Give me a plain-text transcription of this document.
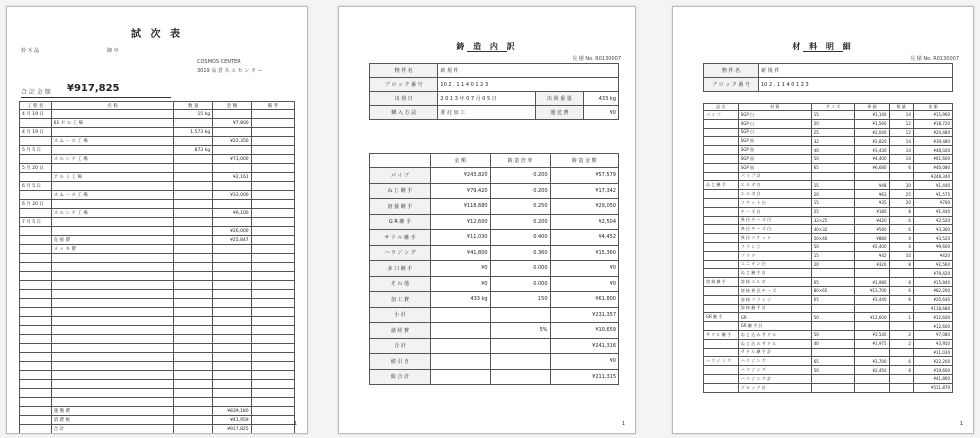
試 次 表
鈴 木 晶	御 中
COSMOS CENTER
3019 高 倉 木 エ セ ン タ ー
合 計 金 額 ¥917,825
工 程 名	名 称	数 量	金 額	備 考
4 月 19 日		15 kg		
	61 セ ル 工 場		¥7,800	
4 月 19 日		1.573 kg		
	ス ム ー ス 工 場		¥22,350	
5 月 5 日		873 kg		
	ス ル ン ナ 工 場		¥73,000	
5 月 20 日				
	ア ル ミ 工 場		¥2,161	
6 月 5 日				
	ス ム ー ス 工 場		¥33,000	
6 月 20 日				
	ス ル ン ナ 工 場		¥6,100	
7 月 5 日				
			¥26,000	
	直 接 費		¥25,847	
	メ ッ キ 費			

	運 搬 費		¥839,180	
	消 費 税		¥41,959	
	合 計		¥917,825	
1
鋳 造 内 訳
見 積 No. R0130007
物 件 名	新 規 件		
ブ ロ ッ ク 番 号	10 2 . 1 1 4 0 1 2 3		
出 荷 日	2 0 1 3 年 0 7 月 0 5 日	出 荷 重 量	433 kg
購 入 方 法	委 託 加 工	運 送 費	¥0
	金 額	鋳 造 倍 率	鋳 造 金 額
パ イ プ	¥243,820	0.200	¥57,579
ね じ 継 手	¥79,420	0.200	¥17,342
溶 接 継 手	¥118,680	0.250	¥29,050
G R 継 手	¥12,600	0.200	¥2,504
サ ド ル 継 手	¥11,030	0.400	¥4,452
ハ ウ ジ ン グ	¥41,800	0.360	¥15,360
多 口 継 手	¥0	0.000	¥0
そ の 他	¥0	0.000	¥0
加 工 費	433 kg	150	¥61,800
小 計			¥231,357
諸 経 費		5%	¥10,659
合 計			¥241,316
値 引 き			¥0
総 合 計			¥211,315
1
材 料 明 細
見 積 No. R0130007
物 件 名	新 規 件
ブ ロ ッ ク 番 号	10 2 . 1 1 4 0 1 2 3
品 名	材 質	サ イ ズ	単 価	数 量	金 額
パ イ プ	SGP 白	15	¥1,140	14	¥15,960
	SGP 白	20	¥1,560	12	¥18,720
	SGP 白	25	¥2,040	12	¥24,480
	SGP 黒	32	¥2,820	14	¥39,480
	SGP 黒	40	¥3,430	14	¥48,020
	SGP 黒	50	¥4,400	14	¥61,600
	SGP 黒	65	¥6,680	6	¥40,080
	パ イ プ 計				¥248,340
ね じ 継 手	エ ル ボ 白	15	¥48	30	¥1,440
	エ ル ボ 白	20	¥63	25	¥1,575
	ソ ケ ッ ト 白	15	¥35	20	¥700
	チ ー ズ 白	25	¥180	8	¥1,440
	異 径 チ ー ズ 白	32×25	¥420	6	¥2,520
	異 径 チ ー ズ 白	40×32	¥560	6	¥3,360
	異 径 ソ ケ ッ ト	50×40	¥880	4	¥3,520
	フ ラ ン ジ	50	¥2,400	4	¥9,600
	プ ラ グ	15	¥42	10	¥420
	ユ ニ オ ン 白	20	¥320	8	¥2,560
	ね じ 継 手 計				¥79,420
溶 接 継 手	溶 接 エ ル ボ	65	¥1,980	8	¥15,840
	溶 接 異 径 チ ー ズ	80×65	¥13,700	6	¥82,200
	溶 接 フ ラ ン ジ	65	¥3,440	6	¥20,640
	溶 接 継 手 計				¥118,680
GR 継 手	GR	50	¥12,600	1	¥12,600
	GR 継 手 計				¥12,600
サ ド ル 継 手	ね じ 込 み サ ド ル	50	¥3,540	2	¥7,080
	ね じ 込 み サ ド ル	40	¥1,975	2	¥3,950
	サ ド ル 継 手 計				¥11,030
ハ ウ ジ ン グ	ハ ウ ジ ン グ	65	¥3,700	6	¥22,200
	ハ ウ ジ ン グ	50	¥2,450	8	¥19,600
	ハ ウ ジ ン グ 計				¥41,800
	ブ ロ ッ ク 計				¥511,870
1
